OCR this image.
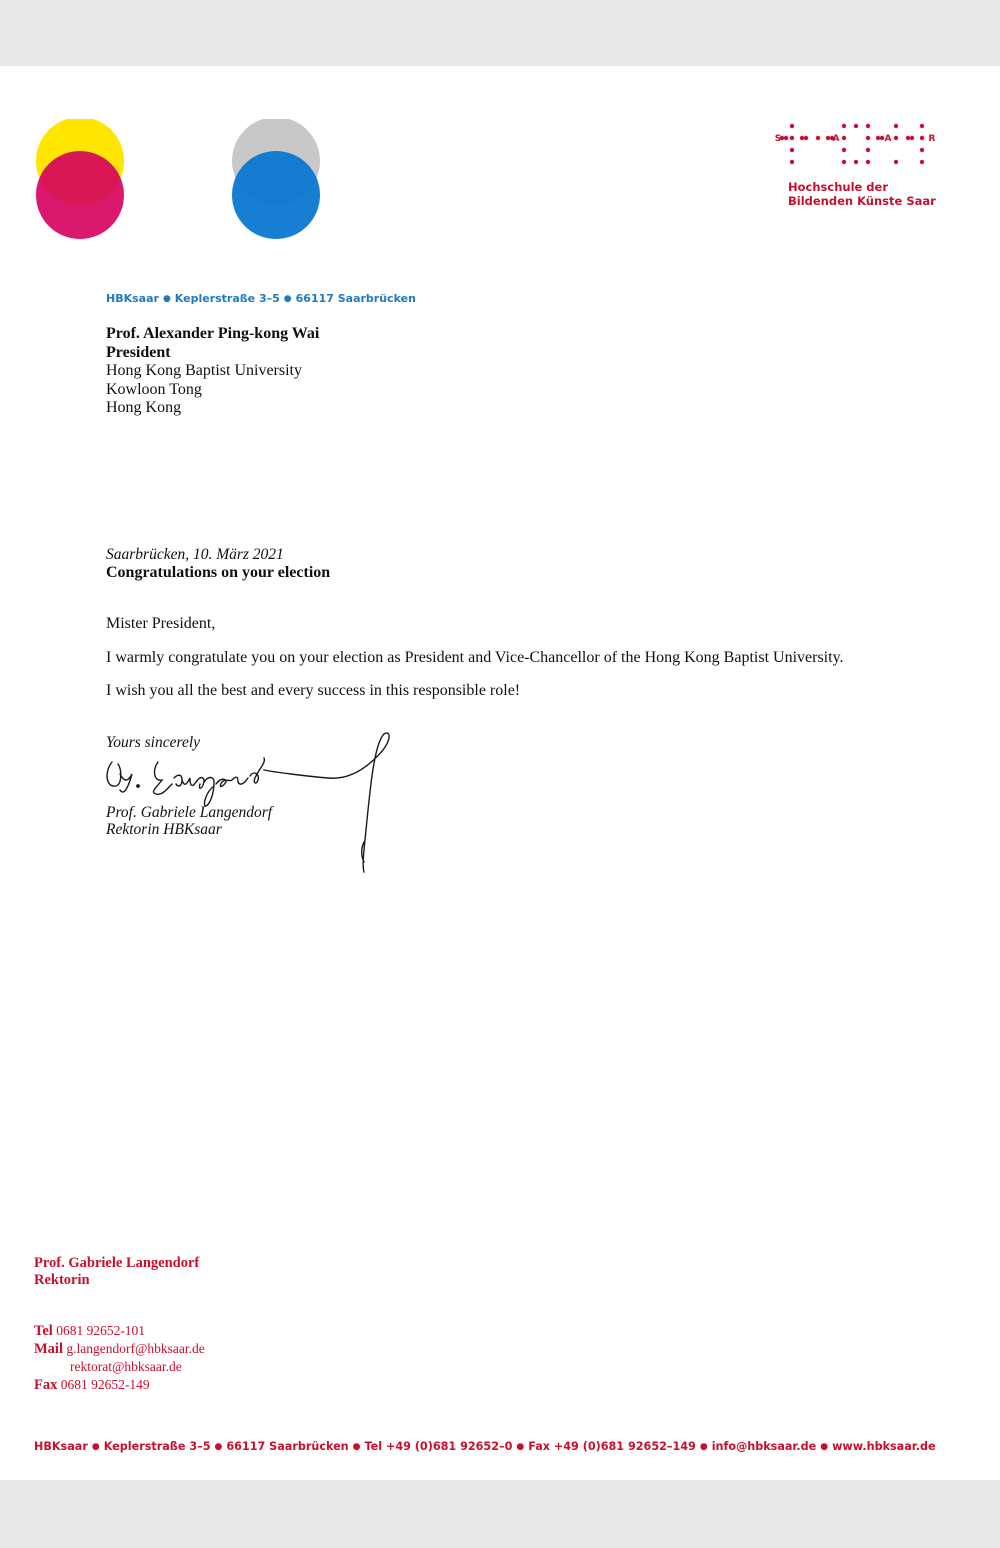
S	A	A	R
Hochschule der
Bildenden Künste Saar
HBKsaar ● Keplerstraße 3–5 ● 66117 Saarbrücken
Prof. Alexander Ping-kong Wai
President
Hong Kong Baptist University
Kowloon Tong
Hong Kong
Saarbrücken, 10. März 2021
Congratulations on your election

Mister President,

I warmly congratulate you on your election as President and Vice-Chancellor of the Hong Kong Baptist University.

I wish you all the best and every success in this responsible role!

Yours sincerely
Prof. Gabriele Langendorf
Rektorin HBKsaar
Prof. Gabriele Langendorf
Rektorin
Tel 0681 92652-101
Mail g.langendorf@hbksaar.de
rektorat@hbksaar.de
Fax 0681 92652-149
HBKsaar ● Keplerstraße 3–5 ● 66117 Saarbrücken ● Tel +49 (0)681 92652–0 ● Fax +49 (0)681 92652–149 ● info@hbksaar.de ● www.hbksaar.de
